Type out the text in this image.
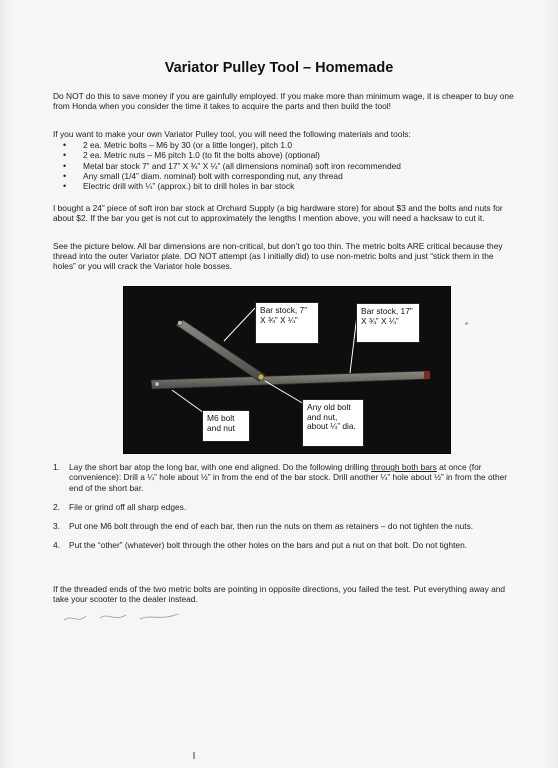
Variator Pulley Tool – Homemade
Do NOT do this to save money if you are gainfully employed. If you make more than minimum wage, it is cheaper to buy one from Honda when you consider the time it takes to acquire the parts and then build the tool!
If you want to make your own Variator Pulley tool, you will need the following materials and tools:
• 2 ea. Metric bolts – M6 by 30 (or a little longer), pitch 1.0
• 2 ea. Metric nuts – M6 pitch 1.0 (to fit the bolts above) (optional)
• Metal bar stock 7” and 17” X ¾” X ¼” (all dimensions nominal) soft iron recommended
• Any small (1/4” diam. nominal) bolt with corresponding nut, any thread
• Electric drill with ¼” (approx.) bit to drill holes in bar stock
I bought a 24” piece of soft iron bar stock at Orchard Supply (a big hardware store) for about $3 and the bolts and nuts for about $2. If the bar you get is not cut to approximately the lengths I mention above, you will need a hacksaw to cut it.
See the picture below. All bar dimensions are non-critical, but don’t go too thin. The metric bolts ARE critical because they thread into the outer Variator plate. DO NOT attempt (as I initially did) to use non-metric bolts and just “stick them in the holes” or you will crack the Variator hole bosses.
Bar stock, 7” X ¾” X ¼”
Bar stock, 17” X ¾” X ¼”
M6 bolt and nut
Any old bolt and nut, about ¼” dia.
1. Lay the short bar atop the long bar, with one end aligned. Do the following drilling through both bars at once (for convenience): Drill a ¼” hole about ½” in from the end of the bar stock. Drill another ¼” hole about ½” in from the other end of the short bar.
2. File or grind off all sharp edges.
3. Put one M6 bolt through the end of each bar, then run the nuts on them as retainers – do not tighten the nuts.
4. Put the “other” (whatever) bolt through the other holes on the bars and put a nut on that bolt. Do not tighten.
If the threaded ends of the two metric bolts are pointing in opposite directions, you failed the test. Put everything away and take your scooter to the dealer instead.
